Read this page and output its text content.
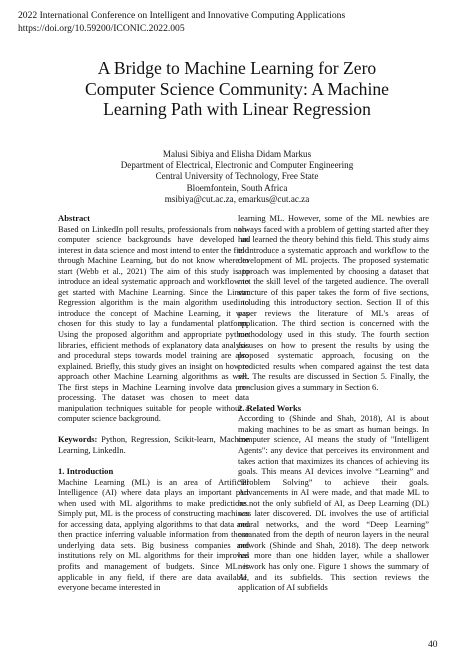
2022 International Conference on Intelligent and Innovative Computing Applications
https://doi.org/10.59200/ICONIC.2022.005
A Bridge to Machine Learning for Zero
Computer Science Community: A Machine
Learning Path with Linear Regression
Malusi Sibiya and Elisha Didam Markus
Department of Electrical, Electronic and Computer Engineering
Central University of Technology, Free State
Bloemfontein, South Africa
msibiya@cut.ac.za, emarkus@cut.ac.za

Abstract

Based on LinkedIn poll results, professionals from non-computer science backgrounds have developed an interest in data science and most intend to enter the field through Machine Learning, but do not know where to start (Webb et al., 2021) The aim of this study is to introduce an ideal systematic approach and workflow to get started with Machine Learning. Since the Linear Regression algorithm is the main algorithm used to introduce the concept of Machine Learning, it was chosen for this study to lay a fundamental platform. Using the proposed algorithm and appropriate python libraries, efficient methods of explanatory data analysis and procedural steps towards model training are also explained. Briefly, this study gives an insight on how to approach other Machine Learning algorithms as well. The first steps in Machine Learning involve data pre-processing. The dataset was chosen to meet data manipulation techniques suitable for people without a computer science background.

Keywords: Python, Regression, Scikit-learn, Machine Learning, LinkedIn.

1. Introduction

Machine Learning (ML) is an area of Artificial Intelligence (AI) where data plays an important part when used with ML algorithms to make predictions. Simply put, ML is the process of constructing machines for accessing data, applying algorithms to that data and then practice inferring valuable information from those underlying data sets. Big business companies and institutions rely on ML algorithms for their improved profits and management of budgets. Since ML is applicable in any field, if there are data available, everyone became interested in

learning ML. However, some of the ML newbies are always faced with a problem of getting started after they had learned the theory behind this field. This study aims to introduce a systematic approach and workflow to the development of ML projects. The proposed systematic approach was implemented by choosing a dataset that met the skill level of the targeted audience. The overall structure of this paper takes the form of five sections, including this introductory section. Section II of this paper reviews the literature of ML's areas of application. The third section is concerned with the methodology used in this study. The fourth section focuses on how to present the results by using the proposed systematic approach, focusing on the predicted results when compared against the test data set. The results are discussed in Section 5. Finally, the conclusion gives a summary in Section 6.

2. Related Works

According to (Shinde and Shah, 2018), AI is about making machines to be as smart as human beings. In computer science, AI means the study of "Intelligent Agents": any device that perceives its environment and takes action that maximizes its chances of achieving its goals. This means AI devices involve “Learning” and “Problem Solving” to achieve their goals. Advancements in AI were made, and that made ML to be not the only subfield of AI, as Deep Learning (DL) was later discovered. DL involves the use of artificial neural networks, and the word “Deep Learning” emanated from the depth of neuron layers in the neural network (Shinde and Shah, 2018). The deep network has more than one hidden layer, while a shallower network has only one. Figure 1 shows the summary of AI and its subfields. This section reviews the application of AI subfields

40
